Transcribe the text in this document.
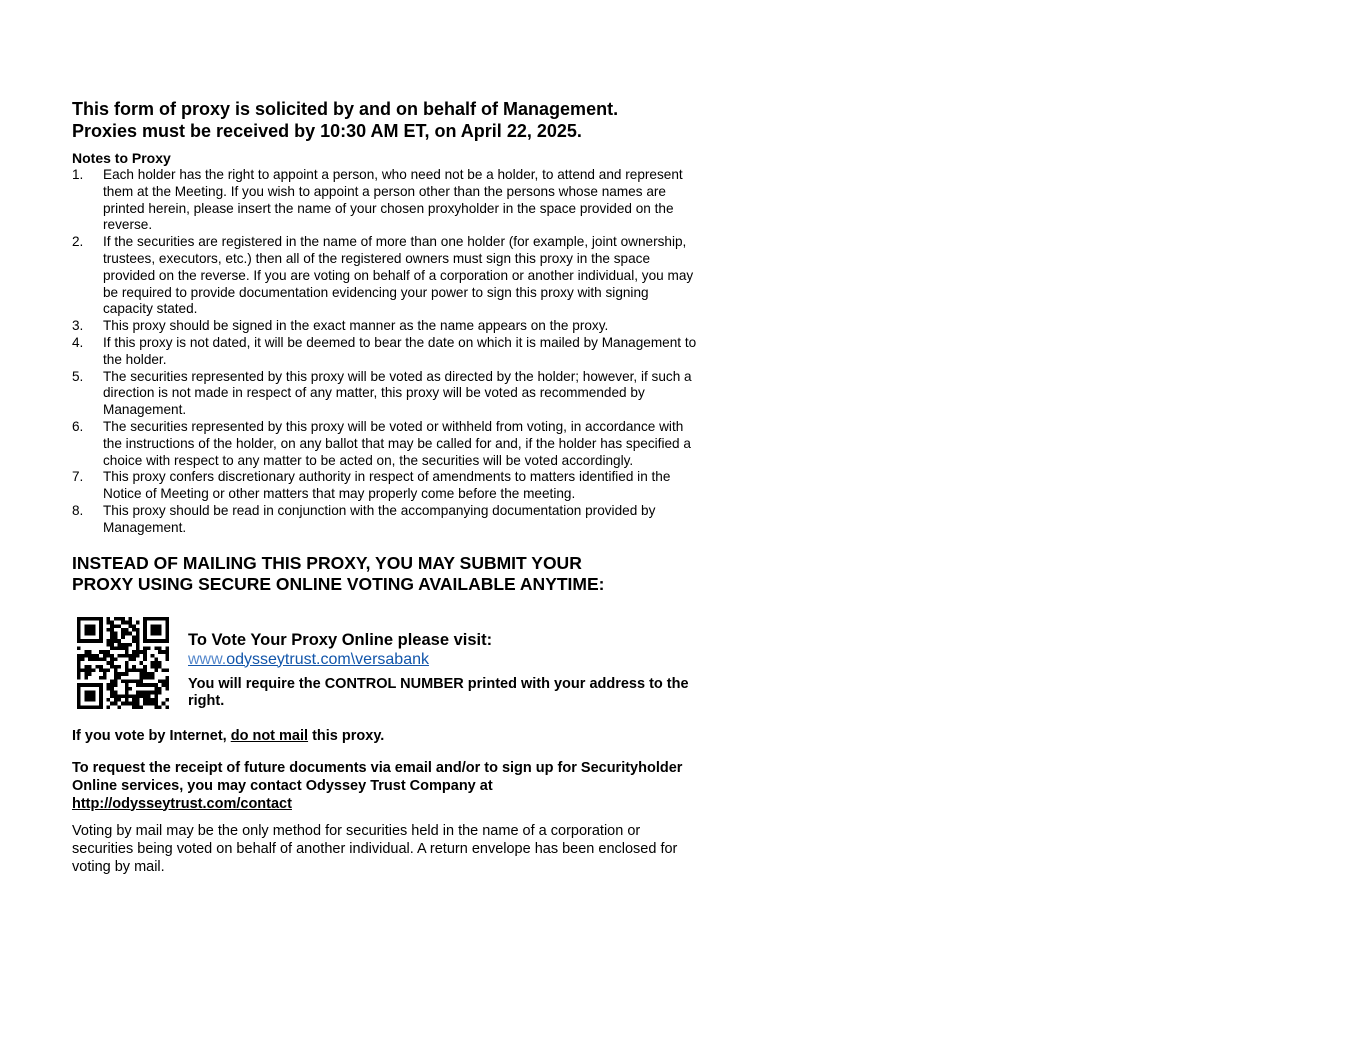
This form of proxy is solicited by and on behalf of Management.

Proxies must be received by 10:30 AM ET, on April 22, 2025.

Notes to Proxy

1. Each holder has the right to appoint a person, who need not be a holder, to attend and represent them at the Meeting. If you wish to appoint a person other than the persons whose names are printed herein, please insert the name of your chosen proxyholder in the space provided on the reverse.
2. If the securities are registered in the name of more than one holder (for example, joint ownership, trustees, executors, etc.) then all of the registered owners must sign this proxy in the space provided on the reverse. If you are voting on behalf of a corporation or another individual, you may be required to provide documentation evidencing your power to sign this proxy with signing capacity stated.
3. This proxy should be signed in the exact manner as the name appears on the proxy.
4. If this proxy is not dated, it will be deemed to bear the date on which it is mailed by Management to the holder.
5. The securities represented by this proxy will be voted as directed by the holder; however, if such a direction is not made in respect of any matter, this proxy will be voted as recommended by Management.
6. The securities represented by this proxy will be voted or withheld from voting, in accordance with the instructions of the holder, on any ballot that may be called for and, if the holder has specified a choice with respect to any matter to be acted on, the securities will be voted accordingly.
7. This proxy confers discretionary authority in respect of amendments to matters identified in the Notice of Meeting or other matters that may properly come before the meeting.
8. This proxy should be read in conjunction with the accompanying documentation provided by Management.

INSTEAD OF MAILING THIS PROXY, YOU MAY SUBMIT YOUR
PROXY USING SECURE ONLINE VOTING AVAILABLE ANYTIME:

To Vote Your Proxy Online please visit:

www.odysseytrust.com\versabank

You will require the CONTROL NUMBER printed with your address to the right.

If you vote by Internet, do not mail this proxy.

To request the receipt of future documents via email and/or to sign up for Securityholder Online services, you may contact Odyssey Trust Company at
http://odysseytrust.com/contact

Voting by mail may be the only method for securities held in the name of a corporation or securities being voted on behalf of another individual. A return envelope has been enclosed for voting by mail.
